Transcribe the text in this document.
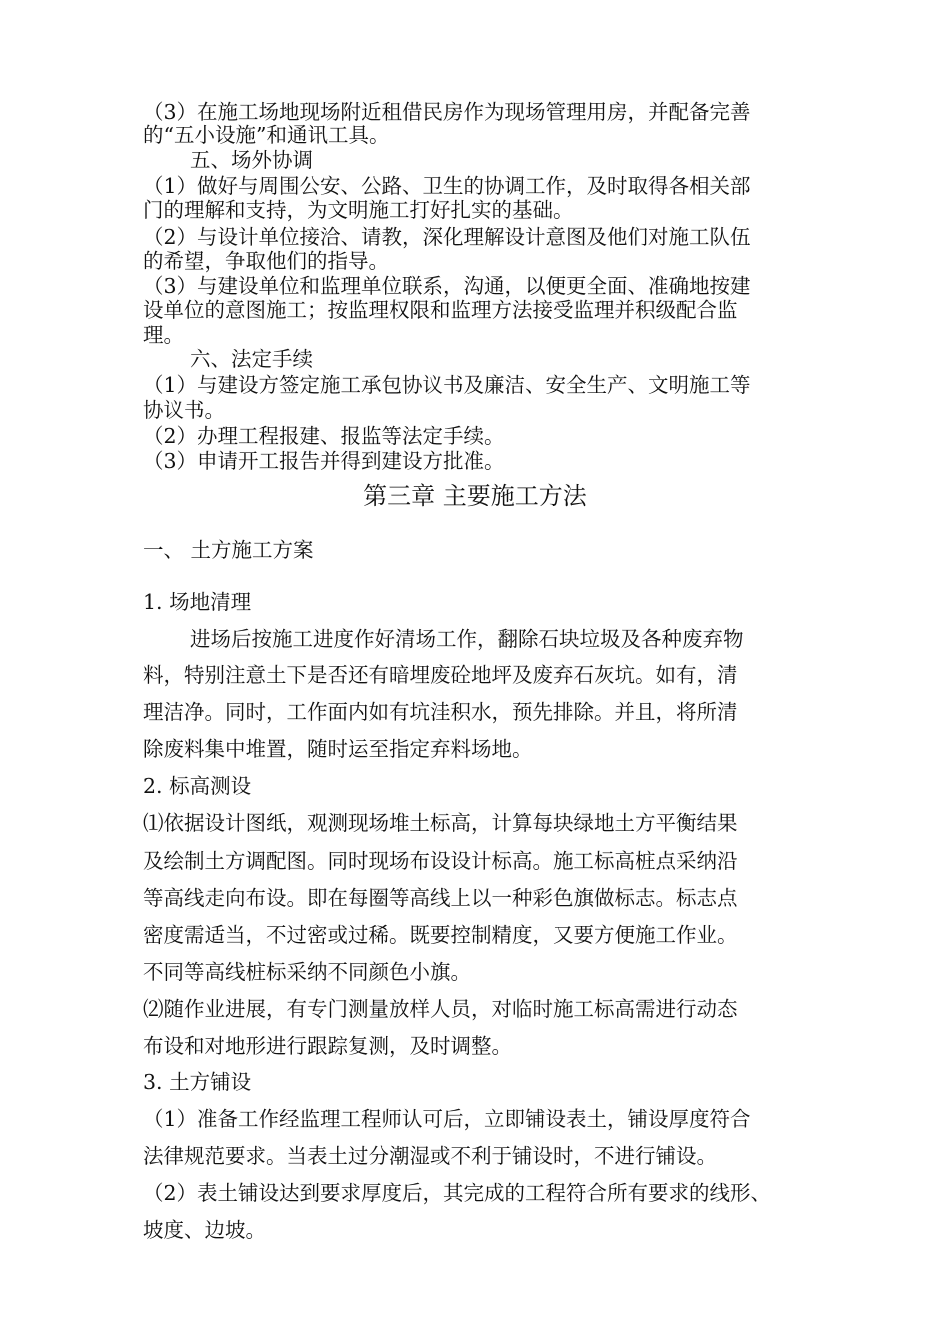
（3）在施工场地现场附近租借民房作为现场管理用房，并配备完善
的“五小设施”和通讯工具。
五、场外协调
（1）做好与周围公安、公路、卫生的协调工作，及时取得各相关部
门的理解和支持，为文明施工打好扎实的基础。
（2）与设计单位接洽、请教，深化理解设计意图及他们对施工队伍
的希望，争取他们的指导。
（3）与建设单位和监理单位联系，沟通，以便更全面、准确地按建
设单位的意图施工；按监理权限和监理方法接受监理并积级配合监
理。
六、法定手续
（1）与建设方签定施工承包协议书及廉洁、安全生产、文明施工等
协议书。
（2）办理工程报建、报监等法定手续。
（3）申请开工报告并得到建设方批准。
第三章 主要施工方法
一、 土方施工方案
1. 场地清理
进场后按施工进度作好清场工作，翻除石块垃圾及各种废弃物
料，特别注意土下是否还有暗埋废砼地坪及废弃石灰坑。如有，清
理洁净。同时，工作面内如有坑洼积水，预先排除。并且，将所清
除废料集中堆置，随时运至指定弃料场地。
2. 标高测设
⑴依据设计图纸，观测现场堆土标高，计算每块绿地土方平衡结果
及绘制土方调配图。同时现场布设设计标高。施工标高桩点采纳沿
等高线走向布设。即在每圈等高线上以一种彩色旗做标志。标志点
密度需适当，不过密或过稀。既要控制精度，又要方便施工作业。
不同等高线桩标采纳不同颜色小旗。
⑵随作业进展，有专门测量放样人员，对临时施工标高需进行动态
布设和对地形进行跟踪复测，及时调整。
3. 土方铺设
（1）准备工作经监理工程师认可后，立即铺设表土，铺设厚度符合
法律规范要求。当表土过分潮湿或不利于铺设时，不进行铺设。
（2）表土铺设达到要求厚度后，其完成的工程符合所有要求的线形、
坡度、边坡。
